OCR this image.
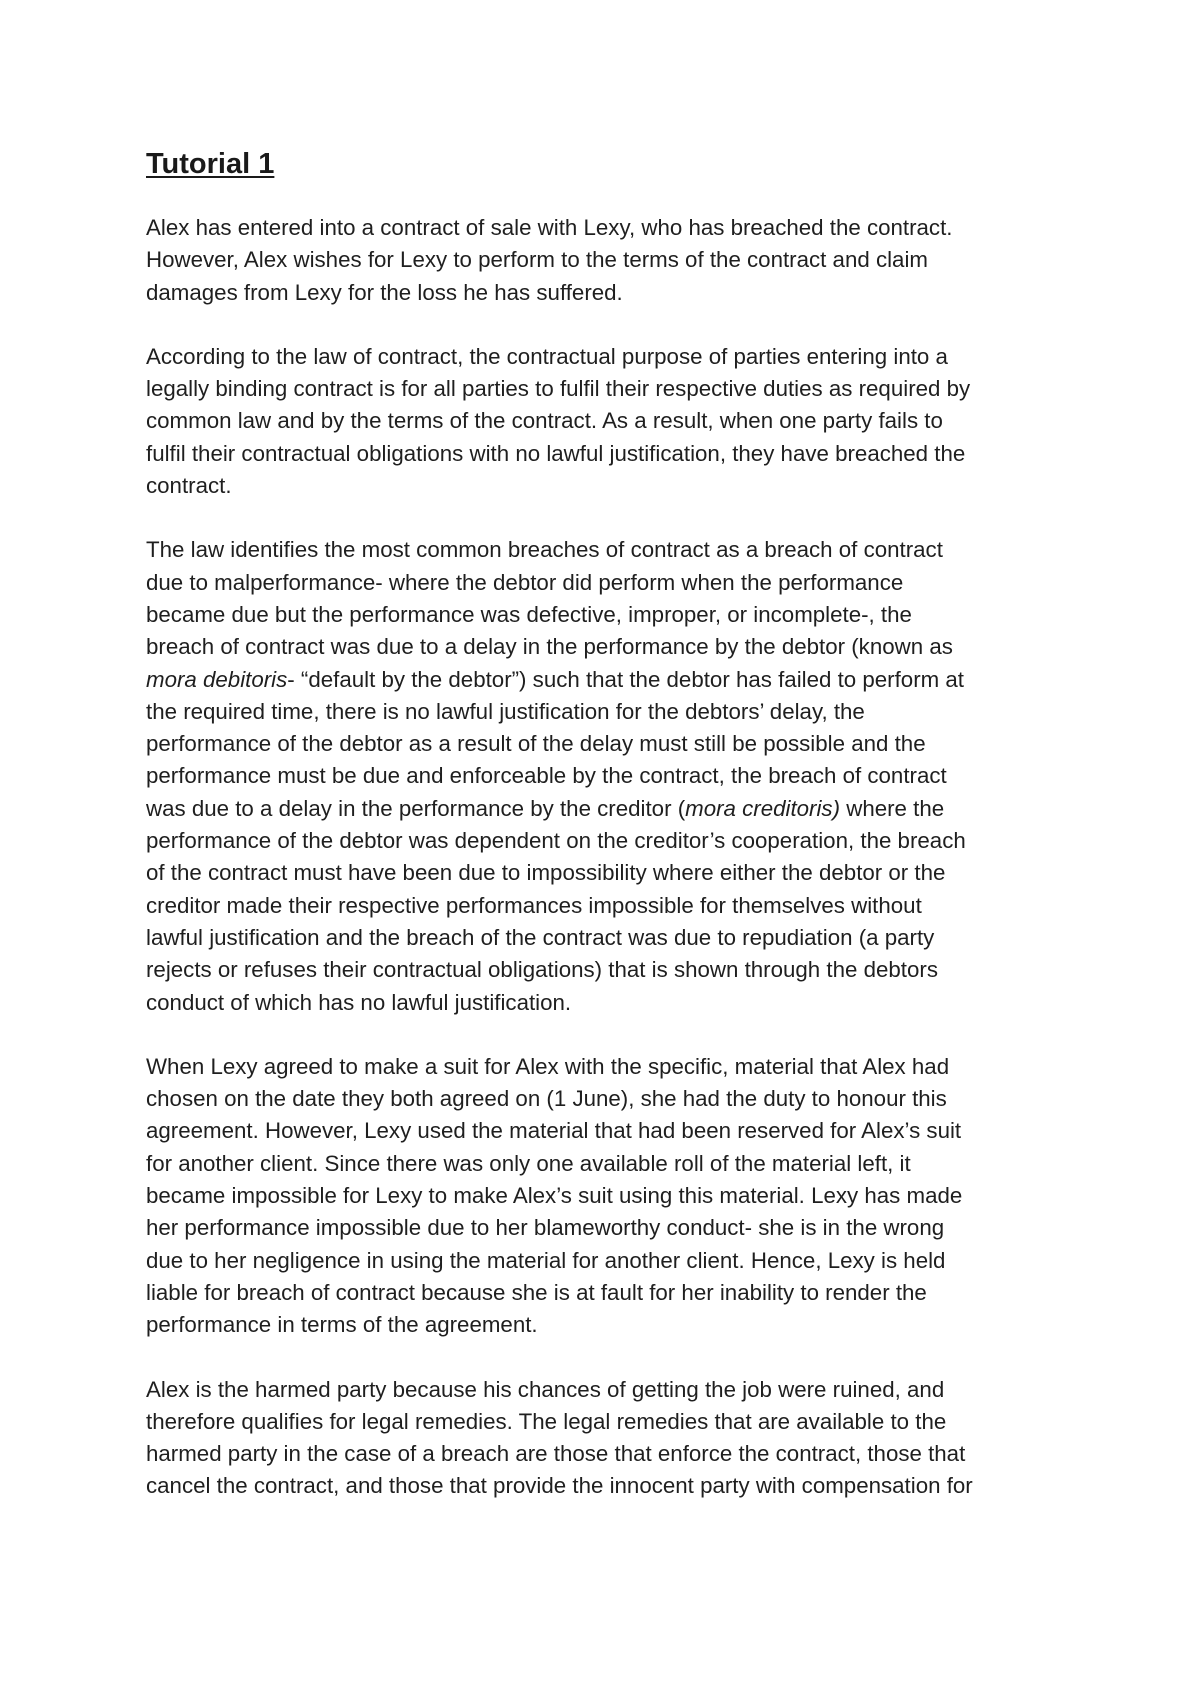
Tutorial 1
Alex has entered into a contract of sale with Lexy, who has breached the contract.
However, Alex wishes for Lexy to perform to the terms of the contract and claim
damages from Lexy for the loss he has suffered.
According to the law of contract, the contractual purpose of parties entering into a
legally binding contract is for all parties to fulfil their respective duties as required by
common law and by the terms of the contract. As a result, when one party fails to
fulfil their contractual obligations with no lawful justification, they have breached the
contract.
The law identifies the most common breaches of contract as a breach of contract
due to malperformance- where the debtor did perform when the performance
became due but the performance was defective, improper, or incomplete-, the
breach of contract was due to a delay in the performance by the debtor (known as
mora debitoris- “default by the debtor”) such that the debtor has failed to perform at
the required time, there is no lawful justification for the debtors’ delay, the
performance of the debtor as a result of the delay must still be possible and the
performance must be due and enforceable by the contract, the breach of contract
was due to a delay in the performance by the creditor (mora creditoris) where the
performance of the debtor was dependent on the creditor’s cooperation, the breach
of the contract must have been due to impossibility where either the debtor or the
creditor made their respective performances impossible for themselves without
lawful justification and the breach of the contract was due to repudiation (a party
rejects or refuses their contractual obligations) that is shown through the debtors
conduct of which has no lawful justification.
When Lexy agreed to make a suit for Alex with the specific, material that Alex had
chosen on the date they both agreed on (1 June), she had the duty to honour this
agreement. However, Lexy used the material that had been reserved for Alex’s suit
for another client. Since there was only one available roll of the material left, it
became impossible for Lexy to make Alex’s suit using this material. Lexy has made
her performance impossible due to her blameworthy conduct- she is in the wrong
due to her negligence in using the material for another client. Hence, Lexy is held
liable for breach of contract because she is at fault for her inability to render the
performance in terms of the agreement.
Alex is the harmed party because his chances of getting the job were ruined, and
therefore qualifies for legal remedies. The legal remedies that are available to the
harmed party in the case of a breach are those that enforce the contract, those that
cancel the contract, and those that provide the innocent party with compensation for
